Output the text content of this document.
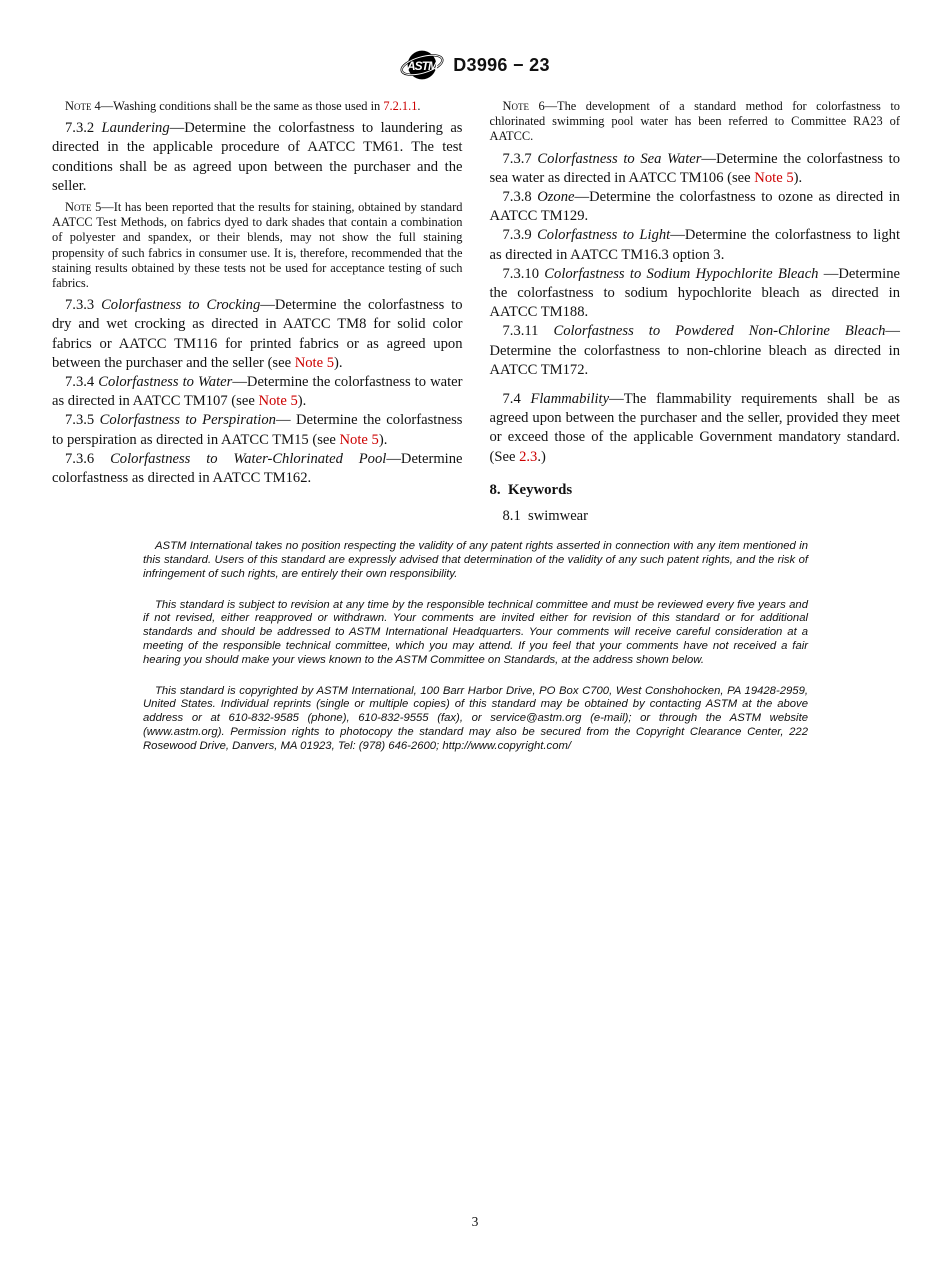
ASTM D3996 − 23

Note 4—Washing conditions shall be the same as those used in 7.2.1.1.

7.3.2 Laundering—Determine the colorfastness to laundering as directed in the applicable procedure of AATCC TM61. The test conditions shall be as agreed upon between the purchaser and the seller.

Note 5—It has been reported that the results for staining, obtained by standard AATCC Test Methods, on fabrics dyed to dark shades that contain a combination of polyester and spandex, or their blends, may not show the full staining propensity of such fabrics in consumer use. It is, therefore, recommended that the staining results obtained by these tests not be used for acceptance testing of such fabrics.

7.3.3 Colorfastness to Crocking—Determine the colorfastness to dry and wet crocking as directed in AATCC TM8 for solid color fabrics or AATCC TM116 for printed fabrics or as agreed upon between the purchaser and the seller (see Note 5).

7.3.4 Colorfastness to Water—Determine the colorfastness to water as directed in AATCC TM107 (see Note 5).

7.3.5 Colorfastness to Perspiration— Determine the colorfastness to perspiration as directed in AATCC TM15 (see Note 5).

7.3.6 Colorfastness to Water-Chlorinated Pool—Determine colorfastness as directed in AATCC TM162.

Note 6—The development of a standard method for colorfastness to chlorinated swimming pool water has been referred to Committee RA23 of AATCC.

7.3.7 Colorfastness to Sea Water—Determine the colorfastness to sea water as directed in AATCC TM106 (see Note 5).

7.3.8 Ozone—Determine the colorfastness to ozone as directed in AATCC TM129.

7.3.9 Colorfastness to Light—Determine the colorfastness to light as directed in AATCC TM16.3 option 3.

7.3.10 Colorfastness to Sodium Hypochlorite Bleach —Determine the colorfastness to sodium hypochlorite bleach as directed in AATCC TM188.

7.3.11 Colorfastness to Powdered Non-Chlorine Bleach— Determine the colorfastness to non-chlorine bleach as directed in AATCC TM172.

7.4 Flammability—The flammability requirements shall be as agreed upon between the purchaser and the seller, provided they meet or exceed those of the applicable Government mandatory standard. (See 2.3.)

8.  Keywords

8.1  swimwear

ASTM International takes no position respecting the validity of any patent rights asserted in connection with any item mentioned in this standard. Users of this standard are expressly advised that determination of the validity of any such patent rights, and the risk of infringement of such rights, are entirely their own responsibility.

This standard is subject to revision at any time by the responsible technical committee and must be reviewed every five years and if not revised, either reapproved or withdrawn. Your comments are invited either for revision of this standard or for additional standards and should be addressed to ASTM International Headquarters. Your comments will receive careful consideration at a meeting of the responsible technical committee, which you may attend. If you feel that your comments have not received a fair hearing you should make your views known to the ASTM Committee on Standards, at the address shown below.

This standard is copyrighted by ASTM International, 100 Barr Harbor Drive, PO Box C700, West Conshohocken, PA 19428-2959, United States. Individual reprints (single or multiple copies) of this standard may be obtained by contacting ASTM at the above address or at 610-832-9585 (phone), 610-832-9555 (fax), or service@astm.org (e-mail); or through the ASTM website (www.astm.org). Permission rights to photocopy the standard may also be secured from the Copyright Clearance Center, 222 Rosewood Drive, Danvers, MA 01923, Tel: (978) 646-2600; http://www.copyright.com/

3
